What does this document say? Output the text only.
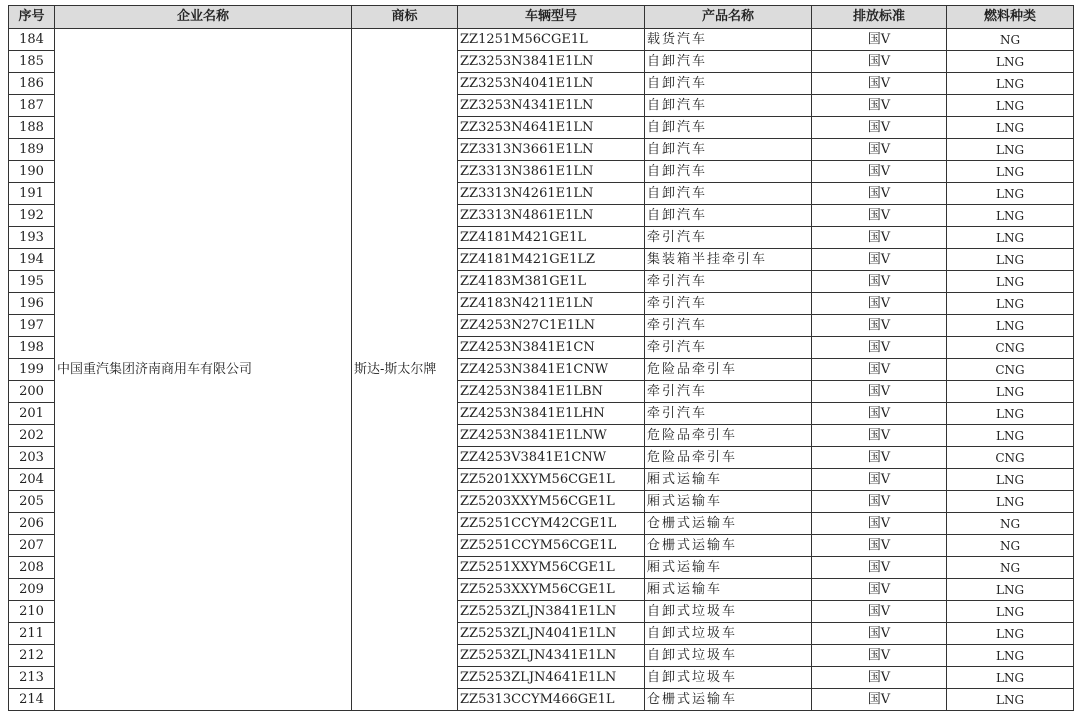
序号	企业名称	商标	车辆型号	产品名称	排放标准	燃料种类
184	中国重汽集团济南商用车有限公司	斯达-斯太尔牌	ZZ1251M56CGE1L	载货汽车	国V	NG
185			ZZ3253N3841E1LN	自卸汽车	国V	LNG
186			ZZ3253N4041E1LN	自卸汽车	国V	LNG
187			ZZ3253N4341E1LN	自卸汽车	国V	LNG
188			ZZ3253N4641E1LN	自卸汽车	国V	LNG
189			ZZ3313N3661E1LN	自卸汽车	国V	LNG
190			ZZ3313N3861E1LN	自卸汽车	国V	LNG
191			ZZ3313N4261E1LN	自卸汽车	国V	LNG
192			ZZ3313N4861E1LN	自卸汽车	国V	LNG
193			ZZ4181M421GE1L	牵引汽车	国V	LNG
194			ZZ4181M421GE1LZ	集装箱半挂牵引车	国V	LNG
195			ZZ4183M381GE1L	牵引汽车	国V	LNG
196			ZZ4183N4211E1LN	牵引汽车	国V	LNG
197			ZZ4253N27C1E1LN	牵引汽车	国V	LNG
198			ZZ4253N3841E1CN	牵引汽车	国V	CNG
199			ZZ4253N3841E1CNW	危险品牵引车	国V	CNG
200			ZZ4253N3841E1LBN	牵引汽车	国V	LNG
201			ZZ4253N3841E1LHN	牵引汽车	国V	LNG
202			ZZ4253N3841E1LNW	危险品牵引车	国V	LNG
203			ZZ4253V3841E1CNW	危险品牵引车	国V	CNG
204			ZZ5201XXYM56CGE1L	厢式运输车	国V	LNG
205			ZZ5203XXYM56CGE1L	厢式运输车	国V	LNG
206			ZZ5251CCYM42CGE1L	仓栅式运输车	国V	NG
207			ZZ5251CCYM56CGE1L	仓栅式运输车	国V	NG
208			ZZ5251XXYM56CGE1L	厢式运输车	国V	NG
209			ZZ5253XXYM56CGE1L	厢式运输车	国V	LNG
210			ZZ5253ZLJN3841E1LN	自卸式垃圾车	国V	LNG
211			ZZ5253ZLJN4041E1LN	自卸式垃圾车	国V	LNG
212			ZZ5253ZLJN4341E1LN	自卸式垃圾车	国V	LNG
213			ZZ5253ZLJN4641E1LN	自卸式垃圾车	国V	LNG
214			ZZ5313CCYM466GE1L	仓栅式运输车	国V	LNG
